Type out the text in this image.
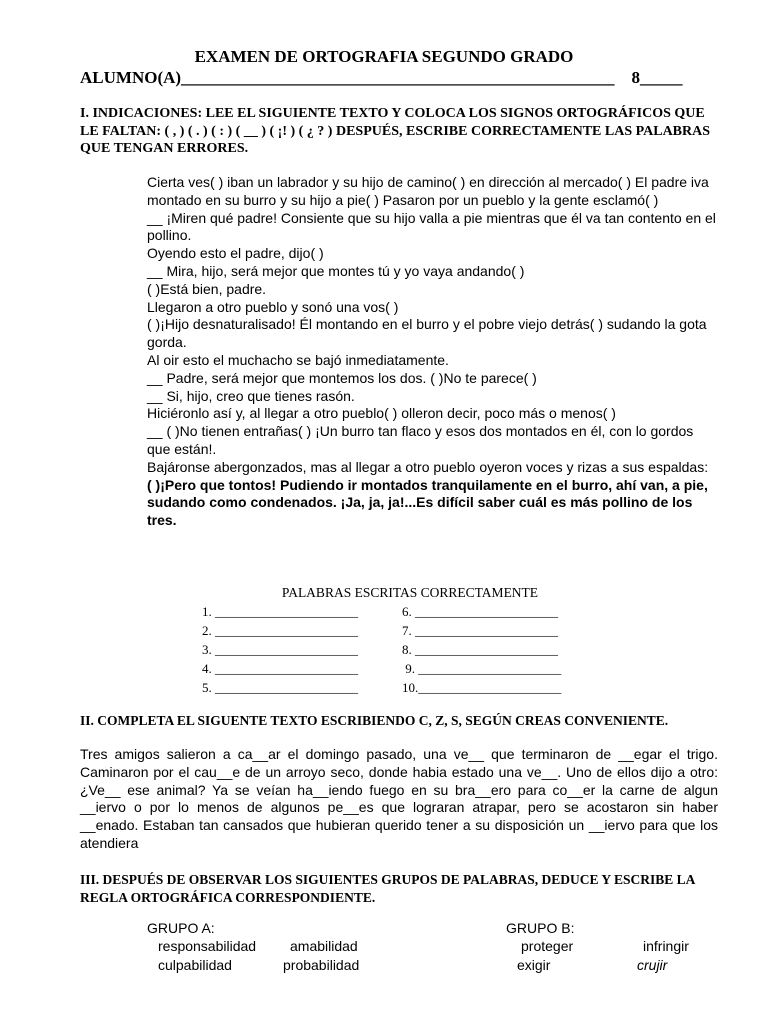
EXAMEN DE ORTOGRAFIA SEGUNDO GRADO
ALUMNO(A)___________________________________________________    8_____
I. INDICACIONES: LEE EL SIGUIENTE TEXTO Y COLOCA LOS SIGNOS ORTOGRÁFICOS QUE LE FALTAN: ( , ) ( . ) ( : ) ( __ ) ( ¡! ) ( ¿ ? ) DESPUÉS, ESCRIBE CORRECTAMENTE LAS PALABRAS QUE TENGAN ERRORES.

Cierta ves( ) iban un labrador y su hijo de camino( ) en dirección al mercado( ) El padre iva montado en su burro y su hijo a pie( ) Pasaron por un pueblo y la gente esclamó( )

__ ¡Miren qué padre! Consiente que su hijo valla a pie mientras que él va tan contento en el pollino.

Oyendo esto el padre, dijo( )

__ Mira, hijo, será mejor que montes tú y yo vaya andando( )

( )Está bien, padre.

Llegaron a otro pueblo y sonó una vos( )

( )¡Hijo desnaturalisado! Él montando en el burro y el pobre viejo detrás( ) sudando la gota gorda.

Al oir esto el muchacho se bajó inmediatamente.

__ Padre, será mejor que montemos los dos. ( )No te parece( )

__ Si, hijo, creo que tienes rasón.

Hiciéronlo así y, al llegar a otro pueblo( ) olleron decir, poco más o menos( )

__ ( )No tienen entrañas( ) ¡Un burro tan flaco y esos dos montados en él, con lo gordos que están!.

Bajáronse abergonzados, mas al llegar a otro pueblo oyeron voces y rizas a sus espaldas:

( )¡Pero que tontos! Pudiendo ir montados tranquilamente en el burro, ahí van, a pie, sudando como condenados. ¡Ja, ja, ja!...Es difícil saber cuál es más pollino de los tres.

PALABRAS ESCRITAS CORRECTAMENTE
1. ______________________
2. ______________________
3. ______________________
4. ______________________
5. ______________________
6. ______________________
7. ______________________
8. ______________________
9. ______________________
10.______________________
II. COMPLETA EL SIGUENTE TEXTO ESCRIBIENDO C, Z, S, SEGÚN CREAS CONVENIENTE.
Tres amigos salieron a ca__ar el domingo pasado, una ve__ que terminaron de __egar el trigo. Caminaron por el cau__e de un arroyo seco, donde habia estado una ve__. Uno de ellos dijo a otro: ¿Ve__ ese animal? Ya se veían ha__iendo fuego en su bra__ero para co__er la carne de algun __iervo o por lo menos de algunos pe__es que lograran atrapar, pero se acostaron sin haber __enado. Estaban tan cansados que hubieran querido tener a su disposición un __iervo para que los atendiera
III. DESPUÉS DE OBSERVAR LOS SIGUIENTES GRUPOS DE PALABRAS, DEDUCE Y ESCRIBE LA REGLA ORTOGRÁFICA CORRESPONDIENTE.
GRUPO A:
responsabilidad amabilidad
culpabilidad	probabilidad
GRUPO B:
proteger	infringir
exigir	crujir
